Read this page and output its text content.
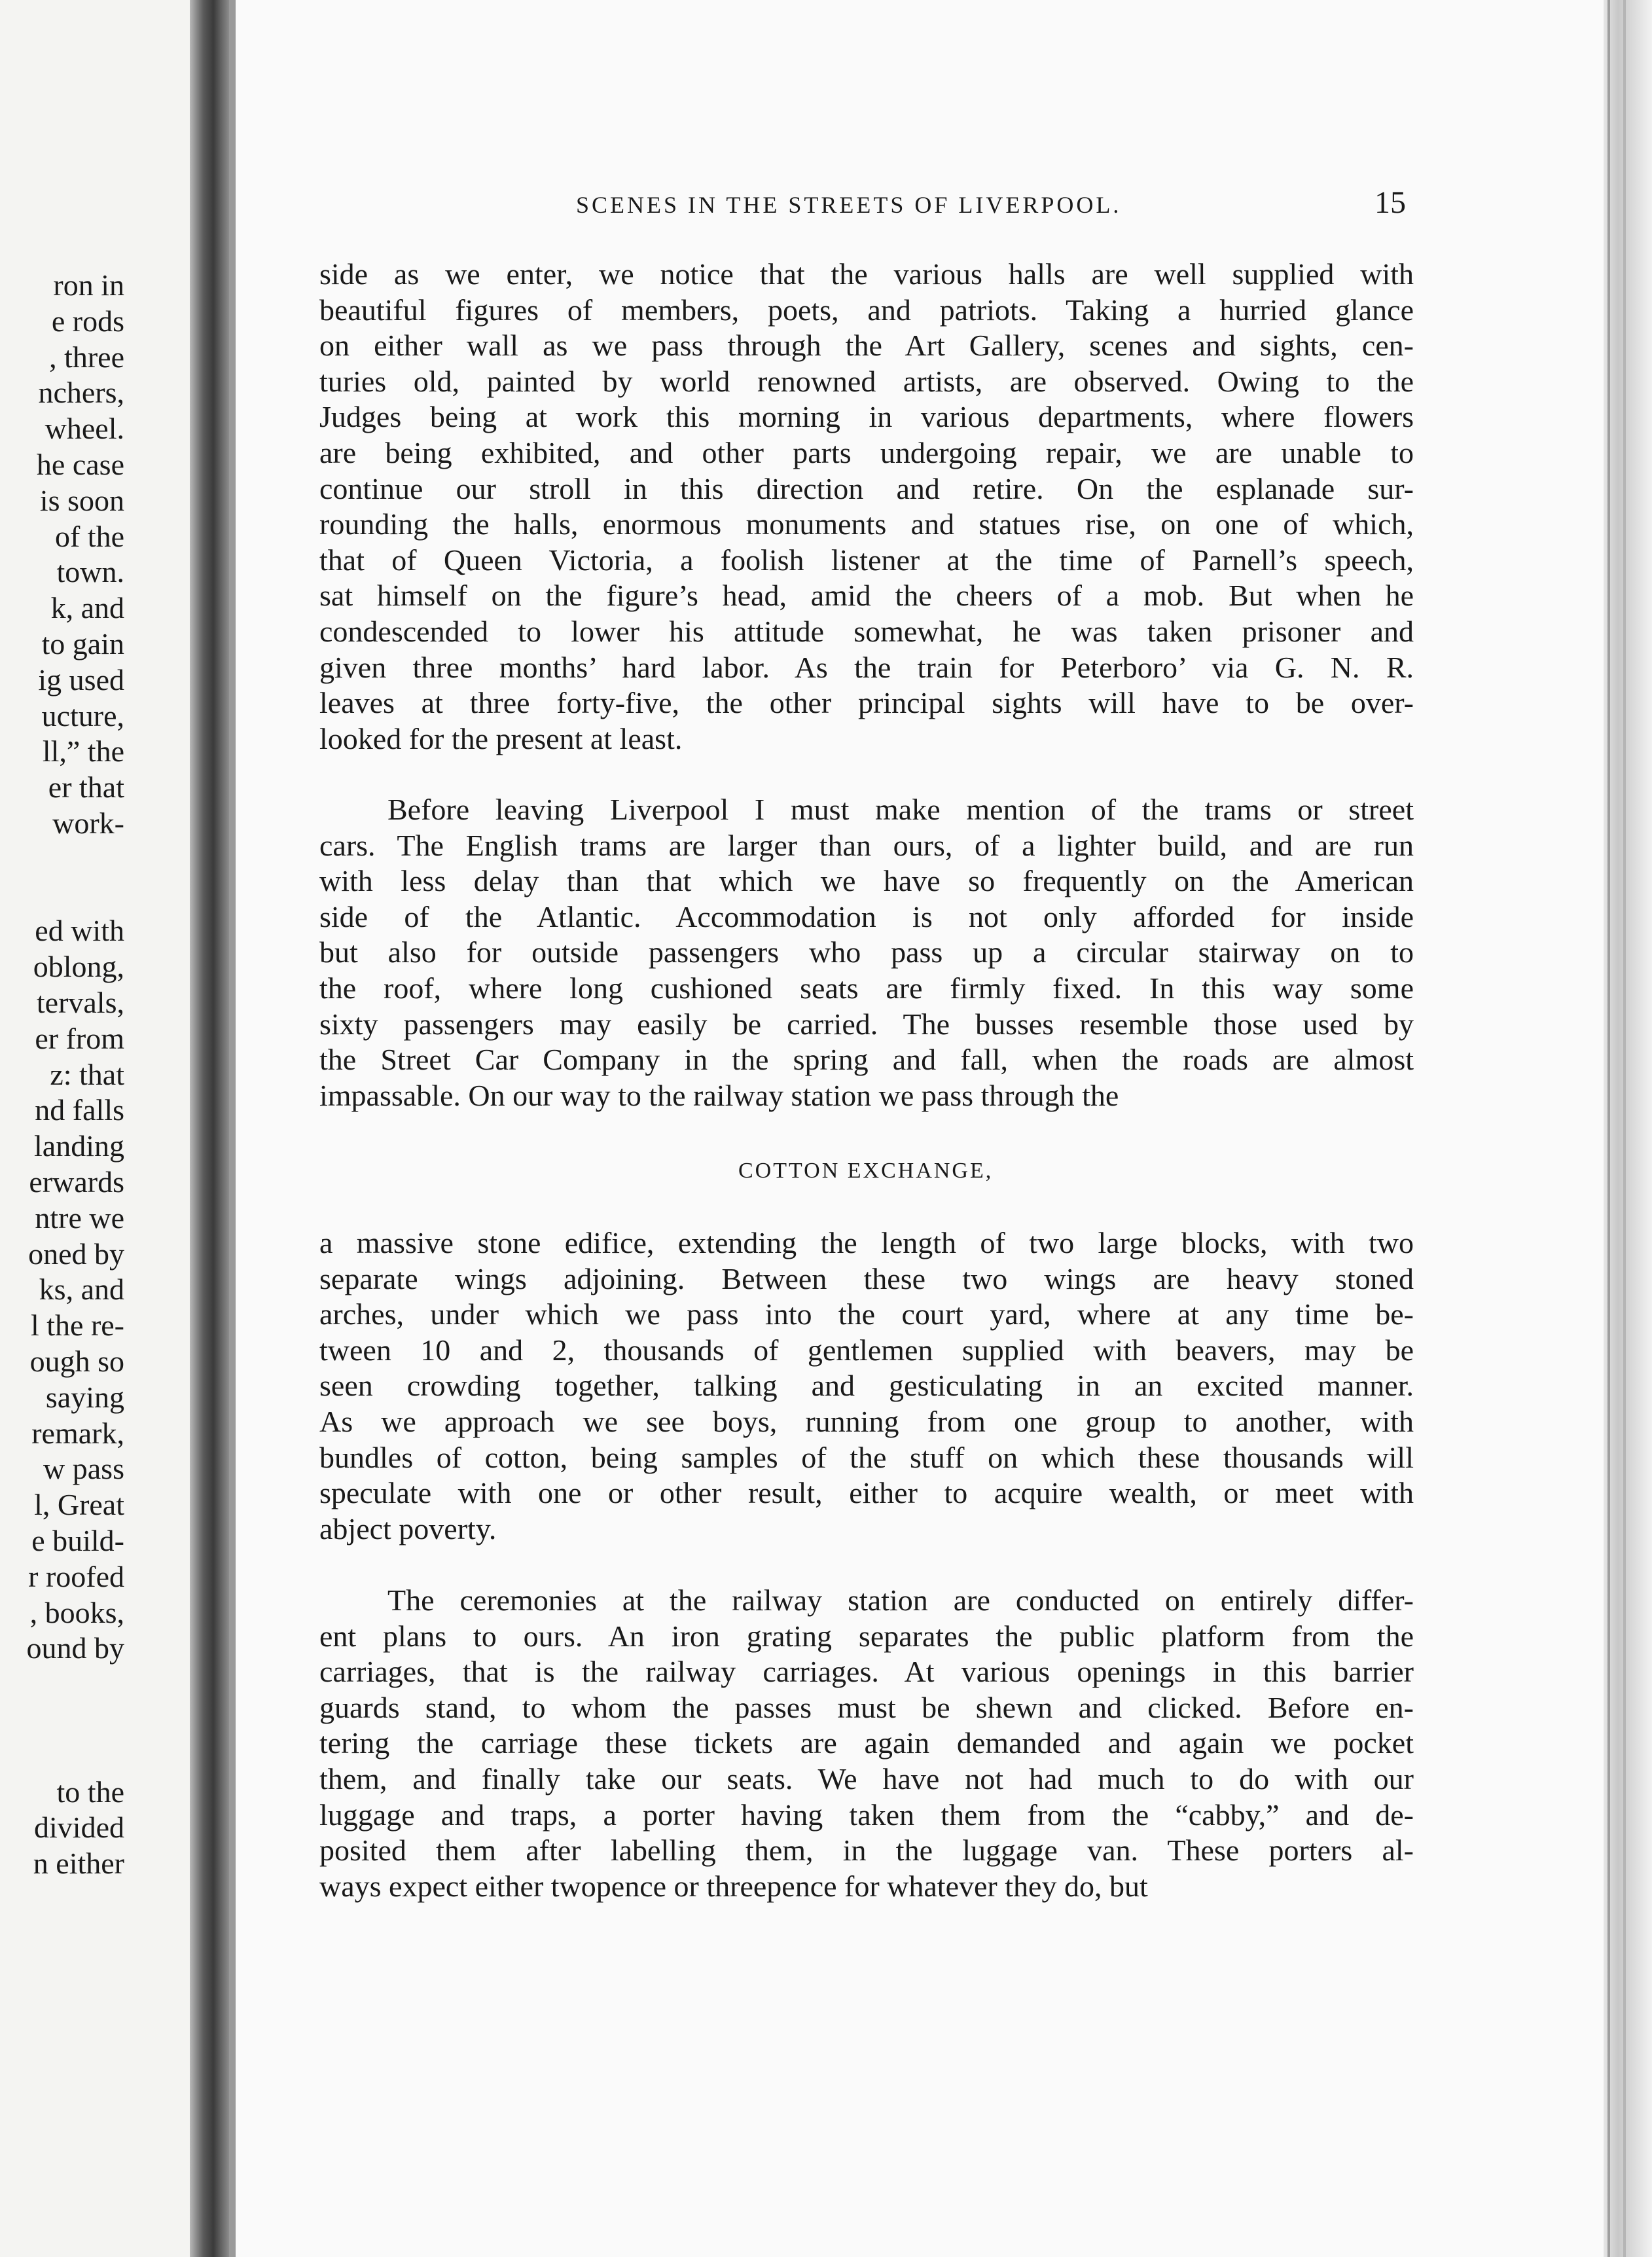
ron in
e rods
, three
nchers,
wheel.
he case
is soon
of the
town.
k, and
to gain
ig used
ucture,
ll,” the
er that
work-
ed with
oblong,
tervals,
er from
z: that
nd falls
landing
erwards
ntre we
oned by
ks, and
l the re-
ough so
saying
remark,
w pass
l, Great
e build-
r roofed
, books,
ound by
to the
divided
n either
SCENES IN THE STREETS OF LIVERPOOL.	15
side as we enter, we notice that the various halls are well supplied with
beautiful figures of members, poets, and patriots. Taking a hurried glance
on either wall as we pass through the Art Gallery, scenes and sights, cen-
turies old, painted by world renowned artists, are observed. Owing to the
Judges being at work this morning in various departments, where flowers
are being exhibited, and other parts undergoing repair, we are unable to
continue our stroll in this direction and retire. On the esplanade sur-
rounding the halls, enormous monuments and statues rise, on one of which,
that of Queen Victoria, a foolish listener at the time of Parnell’s speech,
sat himself on the figure’s head, amid the cheers of a mob. But when he
condescended to lower his attitude somewhat, he was taken prisoner and
given three months’ hard labor. As the train for Peterboro’ via G. N. R.
leaves at three forty-five, the other principal sights will have to be over-
looked for the present at least.
Before leaving Liverpool I must make mention of the trams or street
cars. The English trams are larger than ours, of a lighter build, and are run
with less delay than that which we have so frequently on the American
side of the Atlantic. Accommodation is not only afforded for inside
but also for outside passengers who pass up a circular stairway on to
the roof, where long cushioned seats are firmly fixed. In this way some
sixty passengers may easily be carried. The busses resemble those used by
the Street Car Company in the spring and fall, when the roads are almost
impassable. On our way to the railway station we pass through the
COTTON EXCHANGE,
a massive stone edifice, extending the length of two large blocks, with two
separate wings adjoining. Between these two wings are heavy stoned
arches, under which we pass into the court yard, where at any time be-
tween 10 and 2, thousands of gentlemen supplied with beavers, may be
seen crowding together, talking and gesticulating in an excited manner.
As we approach we see boys, running from one group to another, with
bundles of cotton, being samples of the stuff on which these thousands will
speculate with one or other result, either to acquire wealth, or meet with
abject poverty.
The ceremonies at the railway station are conducted on entirely differ-
ent plans to ours. An iron grating separates the public platform from the
carriages, that is the railway carriages. At various openings in this barrier
guards stand, to whom the passes must be shewn and clicked. Before en-
tering the carriage these tickets are again demanded and again we pocket
them, and finally take our seats. We have not had much to do with our
luggage and traps, a porter having taken them from the “cabby,” and de-
posited them after labelling them, in the luggage van. These porters al-
ways expect either twopence or threepence for whatever they do, but
